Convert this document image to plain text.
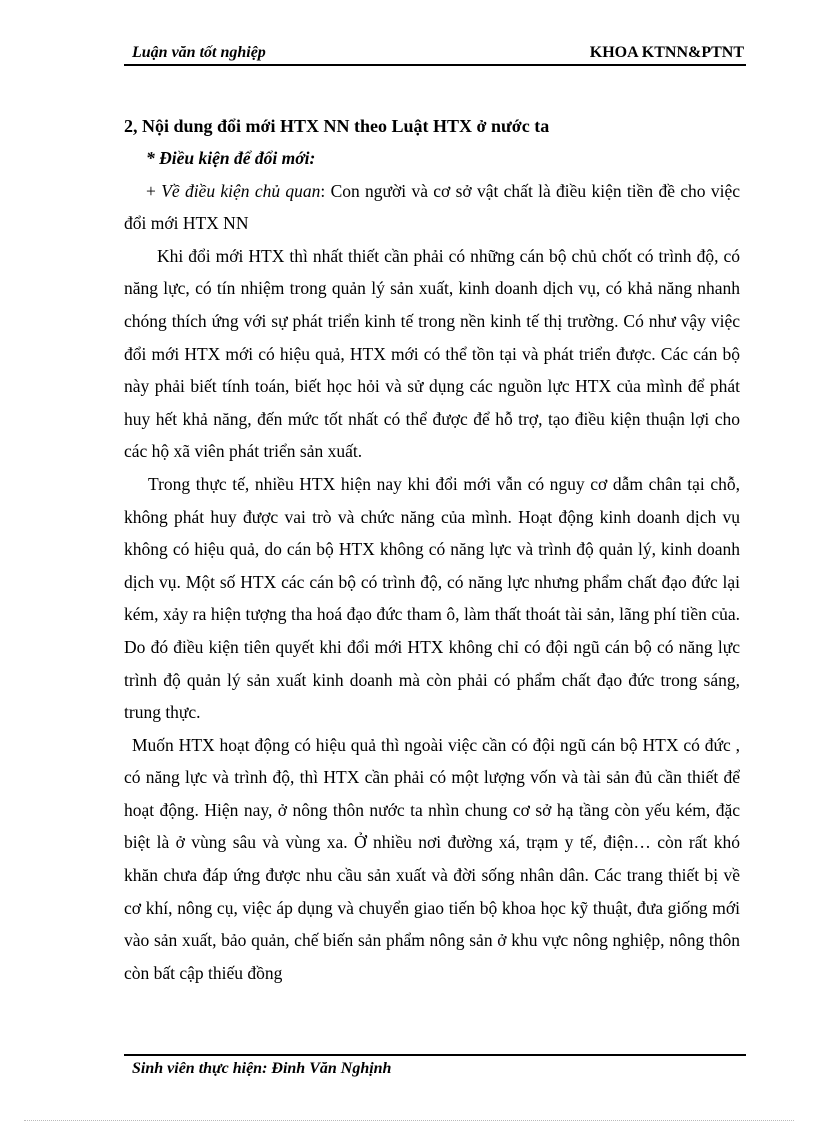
Luận văn tốt nghiệp	KHOA KTNN&PTNT

2, Nội dung đổi mới HTX NN theo Luật HTX ở nước ta

* Điều kiện để đổi mới:

+ Về điều kiện chủ quan: Con người và cơ sở vật chất là điều kiện tiền đề cho việc đổi mới HTX NN

Khi đổi mới HTX thì nhất thiết cần phải có những cán bộ chủ chốt có trình độ, có năng lực, có tín nhiệm trong quản lý sản xuất, kinh doanh dịch vụ, có khả năng nhanh chóng thích ứng với sự phát triển kinh tế trong nền kinh tế thị trường. Có như vậy việc đổi mới HTX mới có hiệu quả, HTX mới có thể tồn tại và phát triển được. Các cán bộ này phải biết tính toán, biết học hỏi và sử dụng các nguồn lực HTX của mình để phát huy hết khả năng, đến mức tốt nhất có thể được để hỗ trợ, tạo điều kiện thuận lợi cho các hộ xã viên phát triển sản xuất.

Trong thực tế, nhiều HTX hiện nay khi đổi mới vẫn có nguy cơ dẫm chân tại chỗ, không phát huy được vai trò và chức năng của mình. Hoạt động kinh doanh dịch vụ không có hiệu quả, do cán bộ HTX không có năng lực và trình độ quản lý, kinh doanh dịch vụ. Một số HTX các cán bộ có trình độ, có năng lực nhưng phẩm chất đạo đức lại kém, xảy ra hiện tượng tha hoá đạo đức tham ô, làm thất thoát tài sản, lãng phí tiền của. Do đó điều kiện tiên quyết khi đổi mới HTX không chỉ có đội ngũ cán bộ có năng lực trình độ quản lý sản xuất kinh doanh mà còn phải có phẩm chất đạo đức trong sáng, trung thực.

Muốn HTX hoạt động có hiệu quả thì ngoài việc cần có đội ngũ cán bộ HTX có đức , có năng lực và trình độ, thì HTX cần phải có một lượng vốn và tài sản đủ cần thiết để hoạt động. Hiện nay, ở nông thôn nước ta nhìn chung cơ sở hạ tầng còn yếu kém, đặc biệt là ở vùng sâu và vùng xa. Ở nhiều nơi đường xá, trạm y tế, điện… còn rất khó khăn chưa đáp ứng được nhu cầu sản xuất và đời sống nhân dân. Các trang thiết bị về cơ khí, nông cụ, việc áp dụng và chuyển giao tiến bộ khoa học kỹ thuật, đưa giống mới vào sản xuất, bảo quản, chế biến sản phẩm nông sản ở khu vực nông nghiệp, nông thôn còn bất cập thiếu đồng

Sinh viên thực hiện: Đinh Văn Nghịnh
